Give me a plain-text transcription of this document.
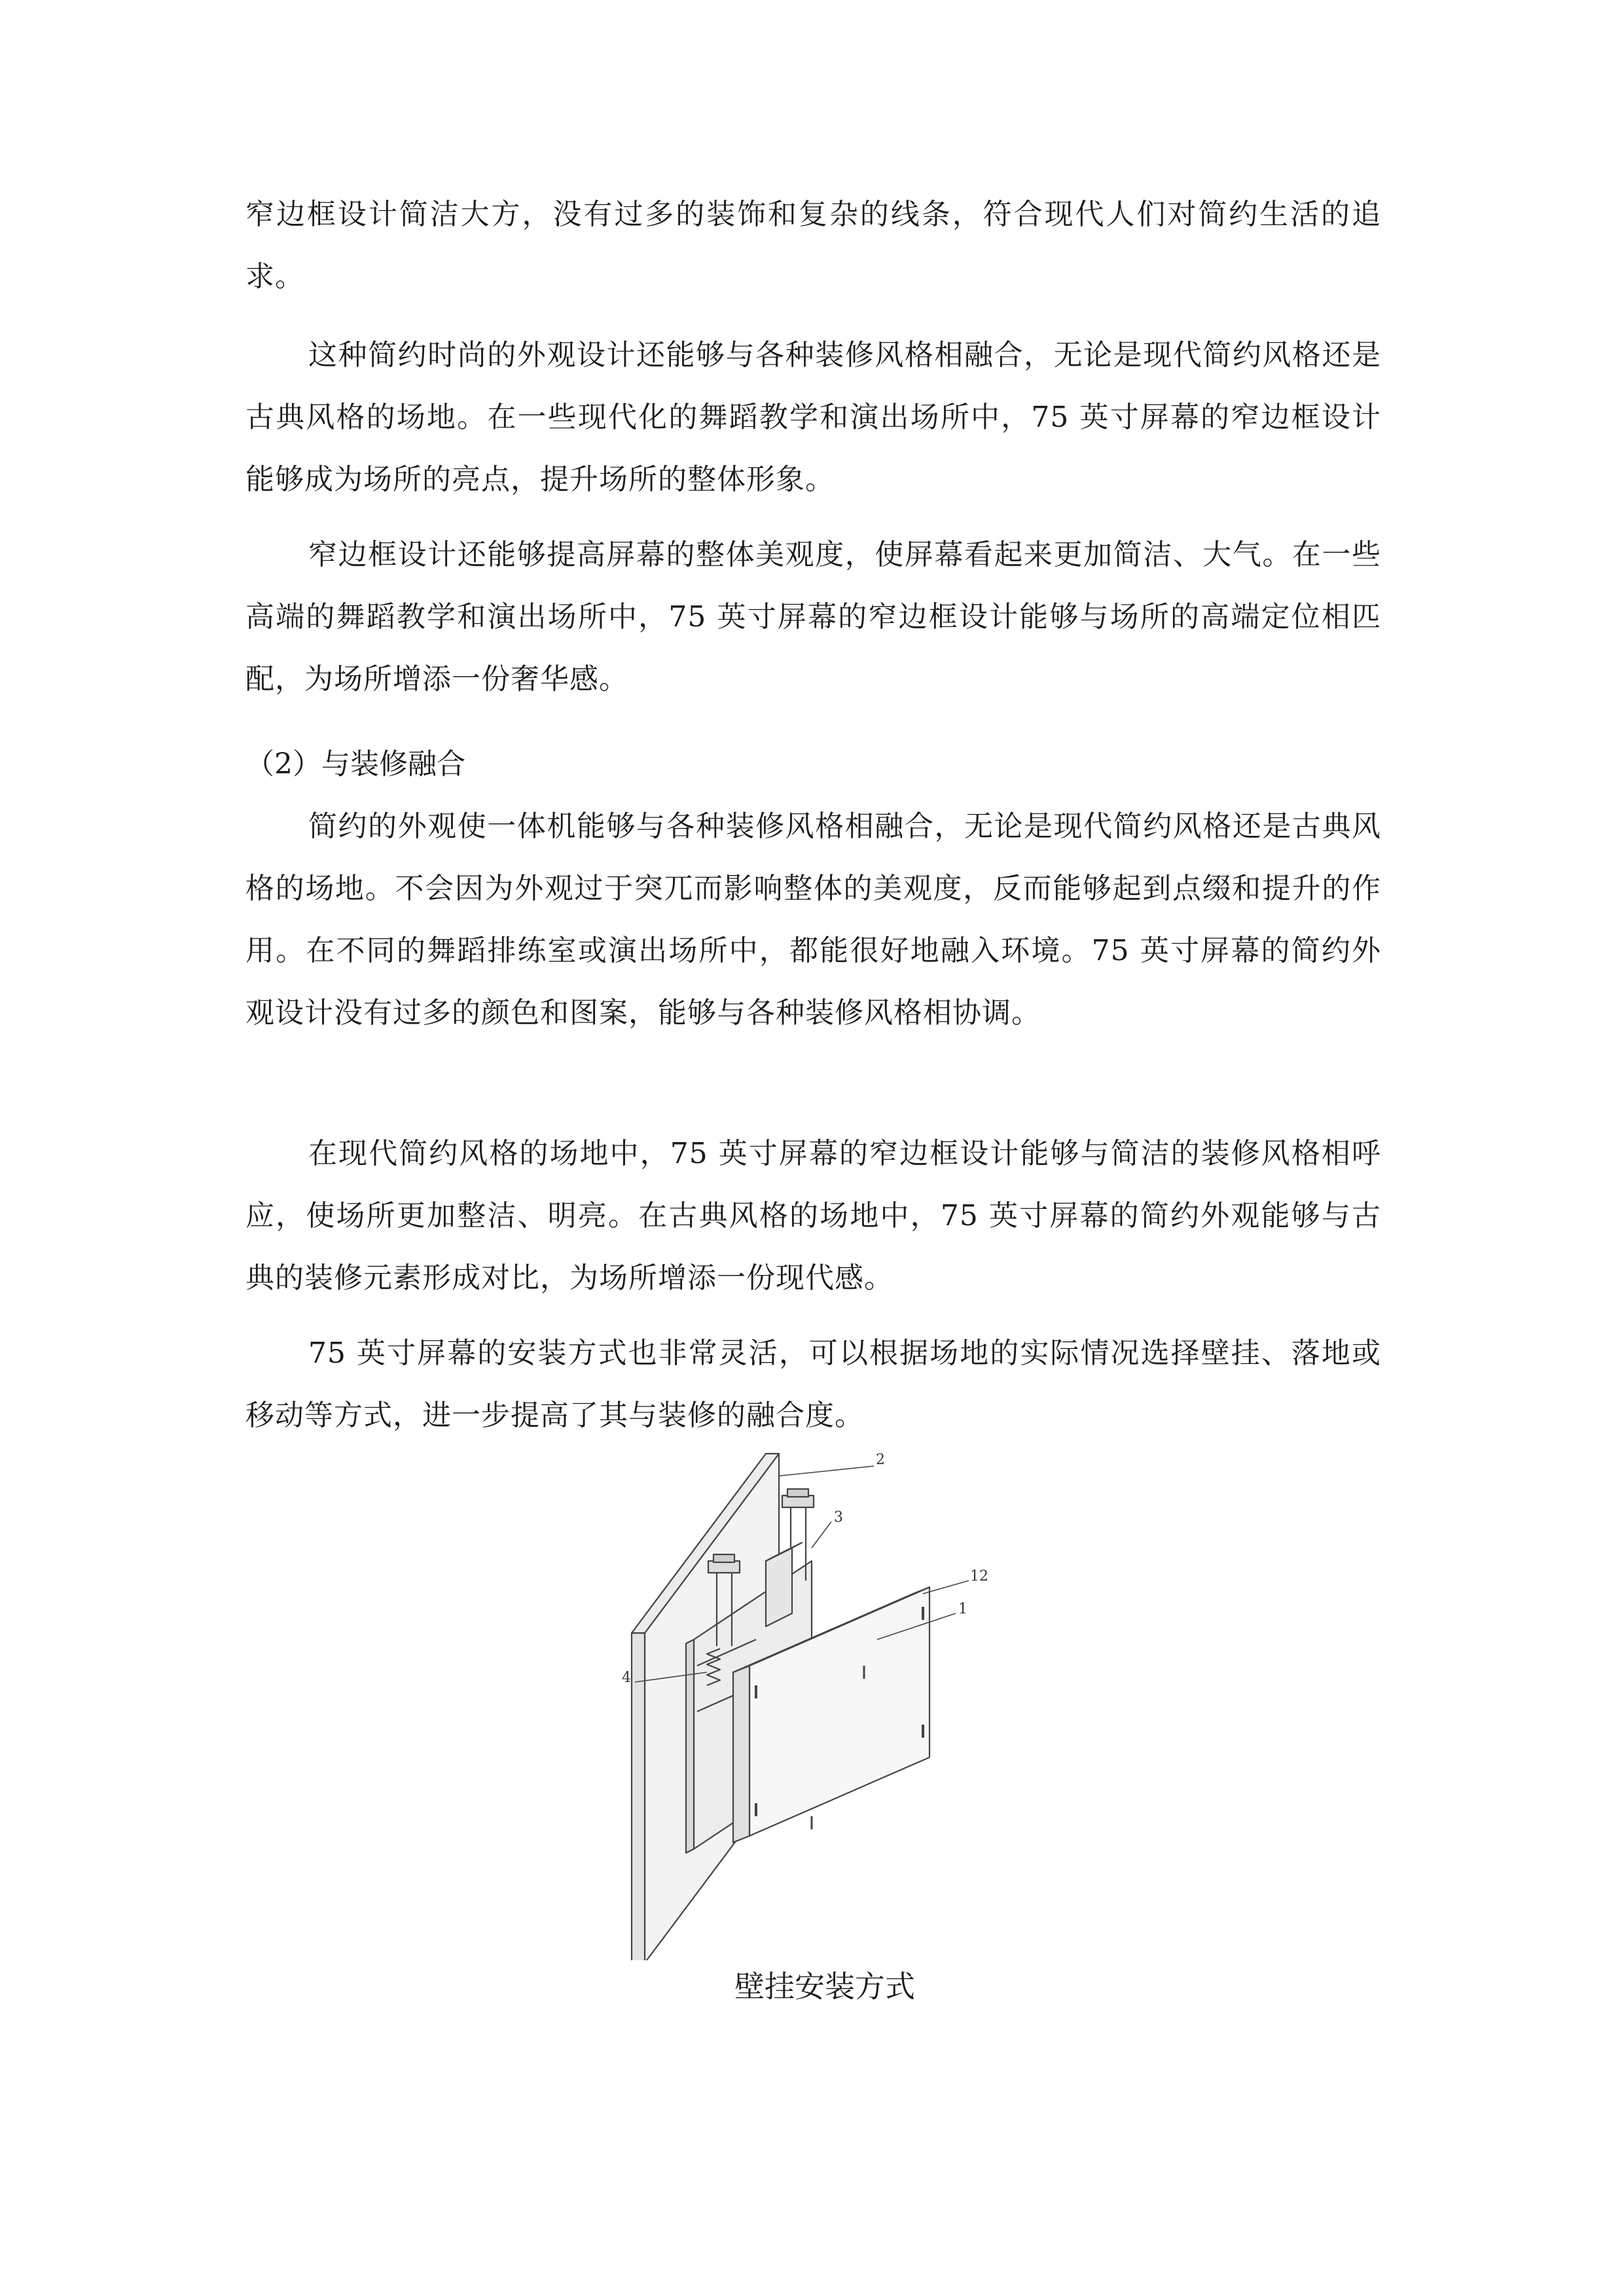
窄边框设计简洁大方，没有过多的装饰和复杂的线条，符合现代人们对简约生活的追求。

这种简约时尚的外观设计还能够与各种装修风格相融合，无论是现代简约风格还是古典风格的场地。在一些现代化的舞蹈教学和演出场所中，75 英寸屏幕的窄边框设计能够成为场所的亮点，提升场所的整体形象。

窄边框设计还能够提高屏幕的整体美观度，使屏幕看起来更加简洁、大气。在一些高端的舞蹈教学和演出场所中，75 英寸屏幕的窄边框设计能够与场所的高端定位相匹配，为场所增添一份奢华感。

（2）与装修融合

简约的外观使一体机能够与各种装修风格相融合，无论是现代简约风格还是古典风格的场地。不会因为外观过于突兀而影响整体的美观度，反而能够起到点缀和提升的作用。在不同的舞蹈排练室或演出场所中，都能很好地融入环境。75 英寸屏幕的简约外观设计没有过多的颜色和图案，能够与各种装修风格相协调。

在现代简约风格的场地中，75 英寸屏幕的窄边框设计能够与简洁的装修风格相呼应，使场所更加整洁、明亮。在古典风格的场地中，75 英寸屏幕的简约外观能够与古典的装修元素形成对比，为场所增添一份现代感。

75 英寸屏幕的安装方式也非常灵活，可以根据场地的实际情况选择壁挂、落地或移动等方式，进一步提高了其与装修的融合度。

2
3
12
1
4

壁挂安装方式
